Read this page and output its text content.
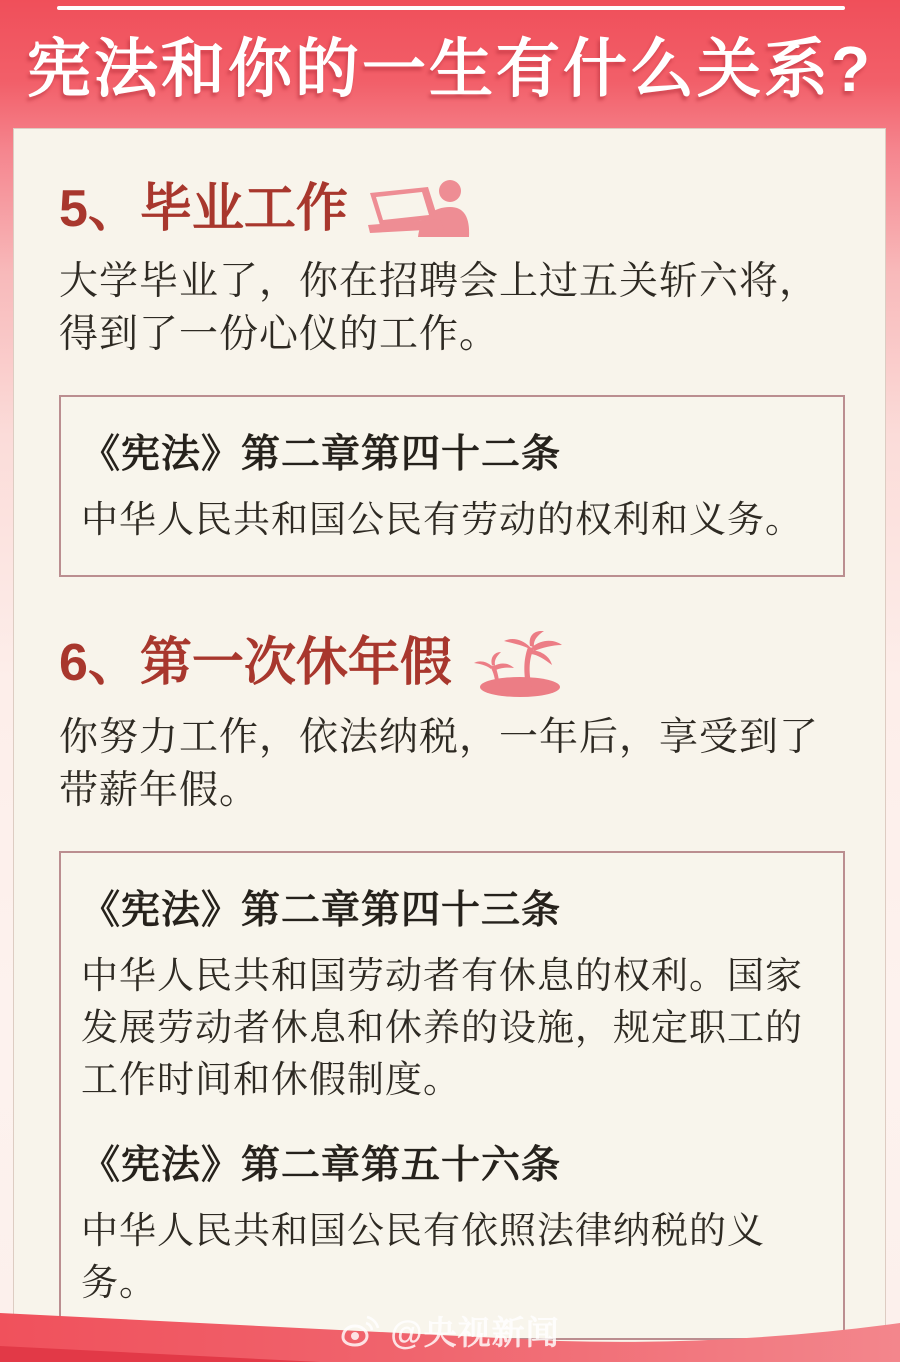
宪法和你的一生有什么关系?
5、毕业工作
大学毕业了，你在招聘会上过五关斩六将，得到了一份心仪的工作。
《宪法》第二章第四十二条
中华人民共和国公民有劳动的权利和义务。
6、第一次休年假
你努力工作，依法纳税，一年后，享受到了带薪年假。
《宪法》第二章第四十三条
中华人民共和国劳动者有休息的权利。国家发展劳动者休息和休养的设施，规定职工的工作时间和休假制度。
《宪法》第二章第五十六条
中华人民共和国公民有依照法律纳税的义务。
@央视新闻
